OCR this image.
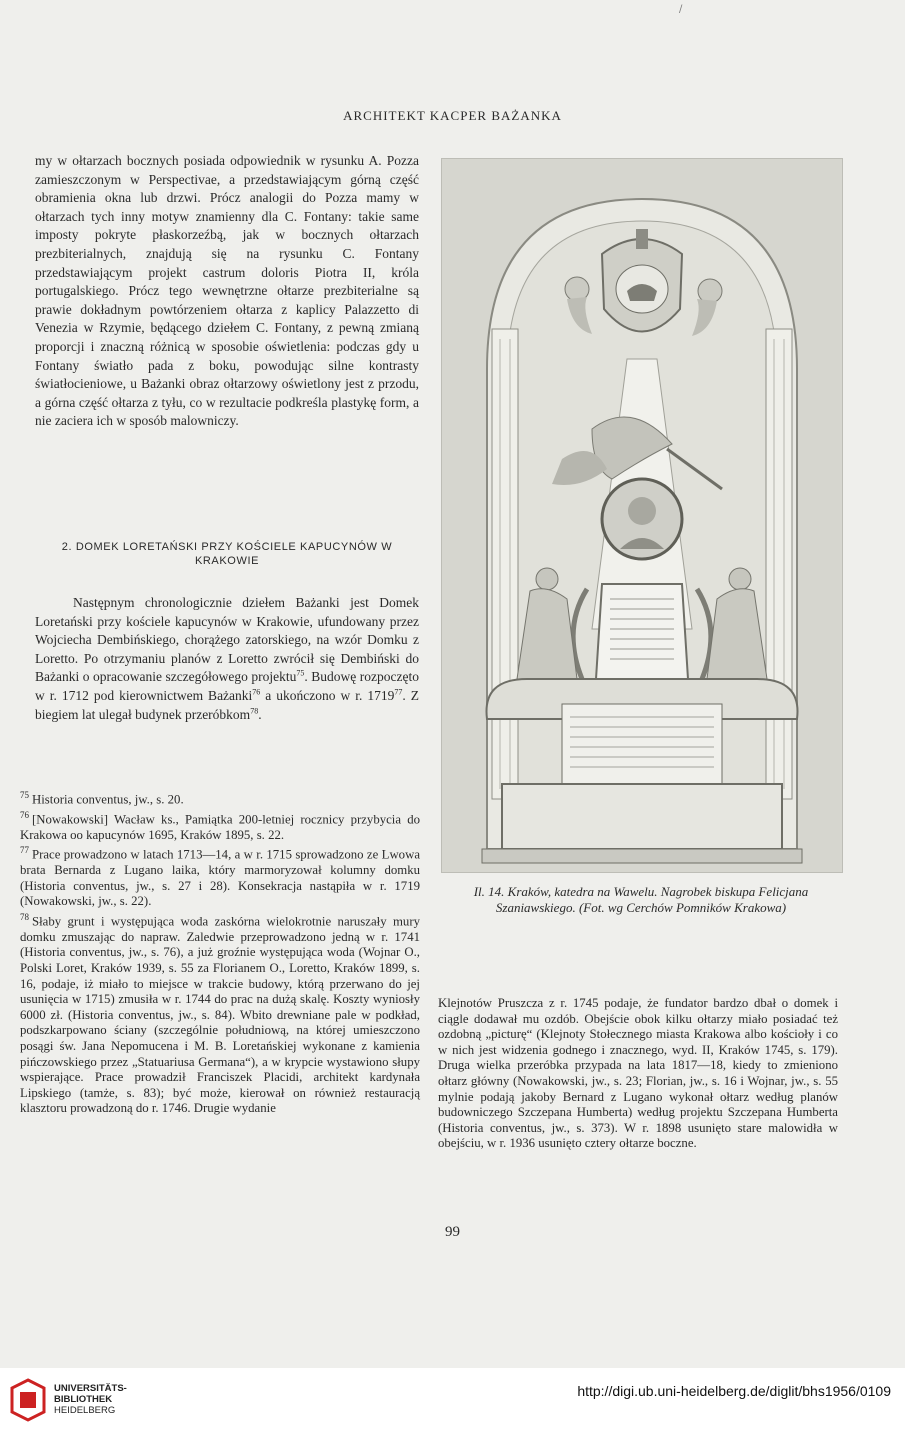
/
ARCHITEKT KACPER BAŻANKA

my w ołtarzach bocznych posiada odpowiednik w rysunku A. Pozza zamieszczonym w Perspectivae, a przedstawiającym górną część obramienia okna lub drzwi. Prócz analogii do Pozza mamy w ołtarzach tych inny motyw znamienny dla C. Fontany: takie same imposty pokryte płaskorzeźbą, jak w bocznych ołtarzach prezbiterialnych, znajdują się na rysunku C. Fontany przedstawiającym projekt castrum doloris Piotra II, króla portugalskiego. Prócz tego wewnętrzne ołtarze prezbiterialne są prawie dokładnym powtórzeniem ołtarza z kaplicy Palazzetto di Venezia w Rzymie, będącego dziełem C. Fontany, z pewną zmianą proporcji i znaczną różnicą w sposobie oświetlenia: podczas gdy u Fontany światło pada z boku, powodując silne kontrasty światłocieniowe, u Bażanki obraz ołtarzowy oświetlony jest z przodu, a górna część ołtarza z tyłu, co w rezultacie podkreśla plastykę form, a nie zaciera ich w sposób malowniczy.

2. DOMEK LORETAŃSKI PRZY KOŚCIELE KAPUCYNÓW W KRAKOWIE

Następnym chronologicznie dziełem Bażanki jest Domek Loretański przy kościele kapucynów w Krakowie, ufundowany przez Wojciecha Dembińskiego, chorążego zatorskiego, na wzór Domku z Loretto. Po otrzymaniu planów z Loretto zwrócił się Dembiński do Bażanki o opracowanie szczegółowego projektu$^{75}$. Budowę rozpoczęto w r. 1712 pod kierownictwem Bażanki$^{76}$ a ukończono w r. 1719$^{77}$. Z biegiem lat ulegał budynek przeróbkom$^{78}$.

$^{75}$ Historia conventus, jw., s. 20.

$^{76}$ [Nowakowski] Wacław ks., Pamiątka 200-letniej rocznicy przybycia do Krakowa oo kapucynów 1695, Kraków 1895, s. 22.

$^{77}$ Prace prowadzono w latach 1713—14, a w r. 1715 sprowadzono ze Lwowa brata Bernarda z Lugano laika, który marmoryzował kolumny domku (Historia conventus, jw., s. 27 i 28). Konsekracja nastąpiła w r. 1719 (Nowakowski, jw., s. 22).

$^{78}$ Słaby grunt i występująca woda zaskórna wielokrotnie naruszały mury domku zmuszając do napraw. Zaledwie przeprowadzono jedną w r. 1741 (Historia conventus, jw., s. 76), a już groźnie występująca woda (Wojnar O., Polski Loret, Kraków 1939, s. 55 za Florianem O., Loretto, Kraków 1899, s. 16, podaje, iż miało to miejsce w trakcie budowy, którą przerwano do jej usunięcia w 1715) zmusiła w r. 1744 do prac na dużą skalę. Koszty wyniosły 6000 zł. (Historia conventus, jw., s. 84). Wbito drewniane pale w podkład, podszkarpowano ściany (szczególnie południową, na której umieszczono posągi św. Jana Nepomucena i M. B. Loretańskiej wykonane z kamienia pińczowskiego przez „Statuariusa Germana“), a w krypcie wystawiono słupy wspierające. Prace prowadził Franciszek Placidi, architekt kardynała Lipskiego (tamże, s. 83); być może, kierował on również restauracją klasztoru prowadzoną do r. 1746. Drugie wydanie

Il. 14. Kraków, katedra na Wawelu. Nagrobek biskupa Felicjana Szaniawskiego. (Fot. wg Cerchów Pomników Krakowa)
Klejnotów Pruszcza z r. 1745 podaje, że fundator bardzo dbał o domek i ciągle dodawał mu ozdób. Obejście obok kilku ołtarzy miało posiadać też ozdobną „picturę“ (Klejnoty Stołecznego miasta Krakowa albo kościoły i co w nich jest widzenia godnego i znacznego, wyd. II, Kraków 1745, s. 179). Druga wielka przeróbka przypada na lata 1817—18, kiedy to zmieniono ołtarz główny (Nowakowski, jw., s. 23; Florian, jw., s. 16 i Wojnar, jw., s. 55 mylnie podają jakoby Bernard z Lugano wykonał ołtarz według planów budowniczego Szczepana Humberta) według projektu Szczepana Humberta (Historia conventus, jw., s. 373). W r. 1898 usunięto stare malowidła w obejściu, w r. 1936 usunięto cztery ołtarze boczne.
99
UNIVERSITÄTS-
BIBLIOTHEK
HEIDELBERG
http://digi.ub.uni-heidelberg.de/diglit/bhs1956/0109
